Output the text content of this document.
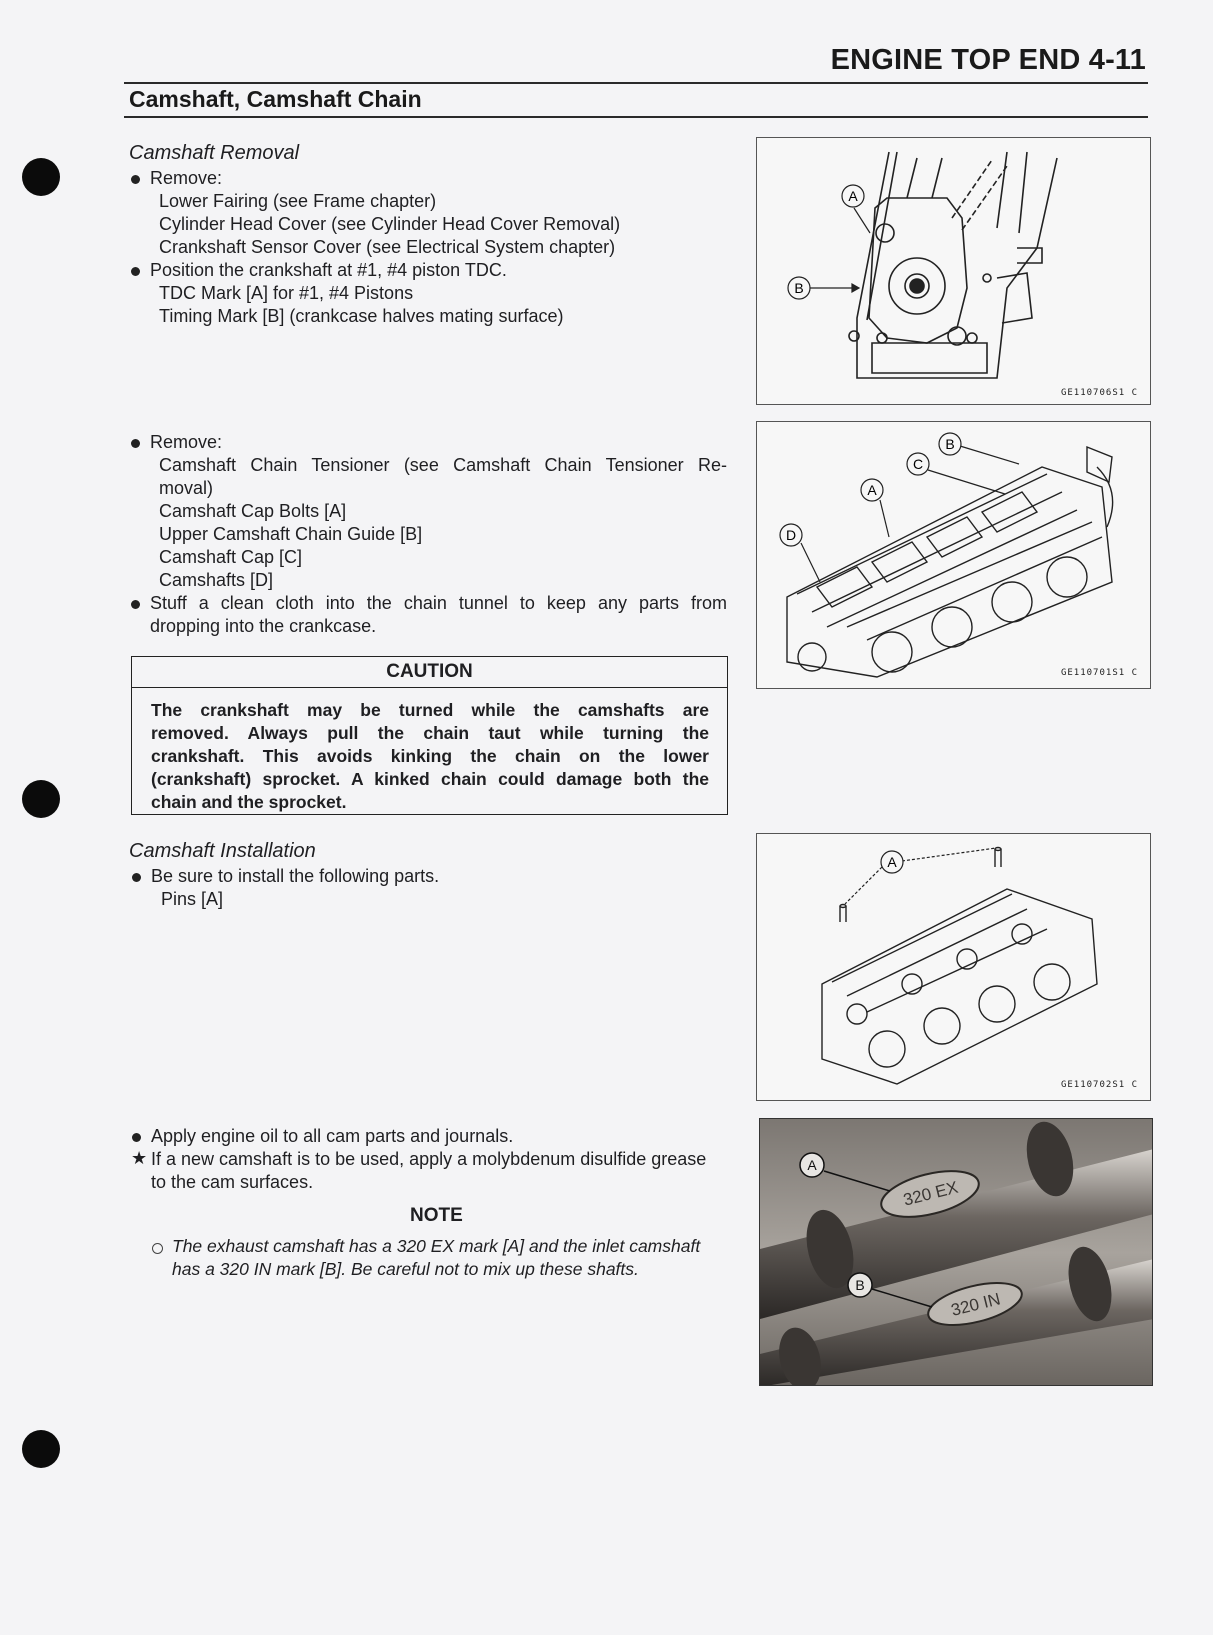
ENGINE TOP END 4-11
Camshaft, Camshaft Chain
Camshaft Removal
Remove:
Lower Fairing (see Frame chapter)
Cylinder Head Cover (see Cylinder Head Cover Removal)
Crankshaft Sensor Cover (see Electrical System chapter)
Position the crankshaft at #1, #4 piston TDC.
TDC Mark [A] for #1, #4 Pistons
Timing Mark [B] (crankcase halves mating surface)
Remove:
Camshaft Chain Tensioner (see Camshaft Chain Tensioner Re-
moval)
Camshaft Cap Bolts [A]
Upper Camshaft Chain Guide [B]
Camshaft Cap [C]
Camshafts [D]
Stuff a clean cloth into the chain tunnel to keep any parts from
dropping into the crankcase.
CAUTION
The crankshaft may be turned while the camshafts are
removed. Always pull the chain taut while turning the
crankshaft. This avoids kinking the chain on the lower
(crankshaft) sprocket. A kinked chain could damage both the
chain and the sprocket.
Camshaft Installation
Be sure to install the following parts.
Pins [A]
Apply engine oil to all cam parts and journals.
★ If a new camshaft is to be used, apply a molybdenum disulfide grease
to the cam surfaces.
NOTE
The exhaust camshaft has a 320 EX mark [A] and the inlet camshaft
has a 320 IN mark [B]. Be careful not to mix up these shafts.
A
B
GE110706S1 C
A
B
C
D
GE110701S1 C
A
GE110702S1 C
320 EX
320 IN
A
B
